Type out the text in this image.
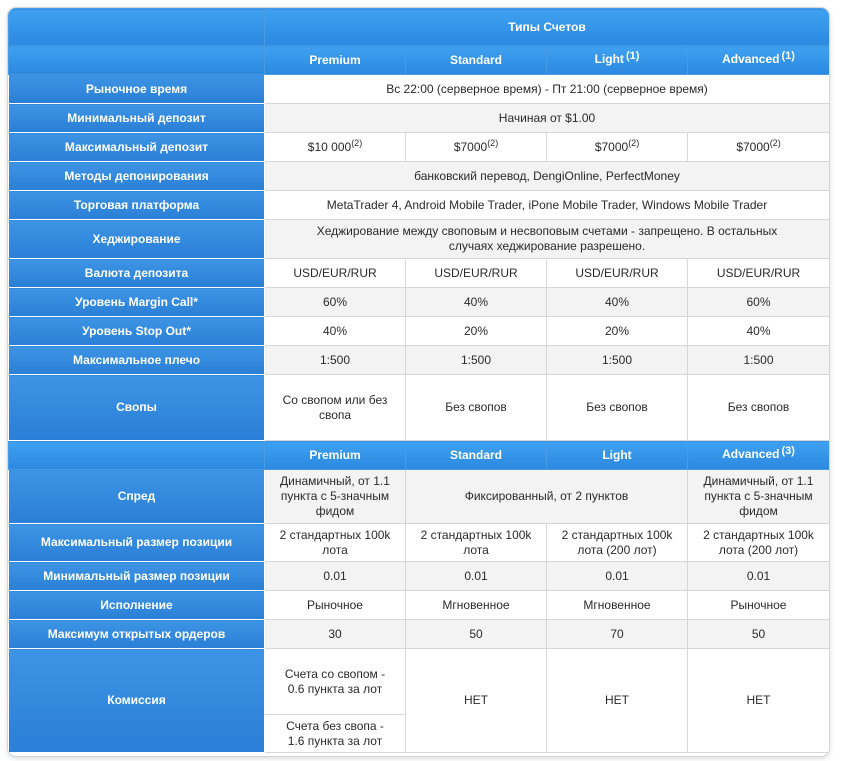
	Типы Счетов			
	Premium	Standard	Light (1)	Advanced (1)
Рыночное время	Вс 22:00 (серверное время) - Пт 21:00 (серверное время)			
Минимальный депозит	Начиная от $1.00			
Максимальный депозит	$10 000$^{(2)}$	$7000$^{(2)}$	$7000$^{(2)}$	$7000$^{(2)}$
Методы депонирования	банковский перевод, DengiOnline, PerfectMoney			
Торговая платформа	MetaTrader 4, Android Mobile Trader, iPone Mobile Trader, Windows Mobile Trader			
Хеджирование	Хеджирование между своповым и несвоповым счетами - запрещено. В остальных случаях хеджирование разрешено.			
Валюта депозита	USD/EUR/RUR	USD/EUR/RUR	USD/EUR/RUR	USD/EUR/RUR
Уровень Margin Call*	60%	40%	40%	60%
Уровень Stop Out*	40%	20%	20%	40%
Максимальное плечо	1:500	1:500	1:500	1:500
Свопы	Со свопом или без свопа	Без свопов	Без свопов	Без свопов
	Premium	Standard	Light	Advanced (3)
Спред	Динамичный, от 1.1 пункта с 5-значным фидом	Фиксированный, от 2 пунктов		Динамичный, от 1.1 пункта с 5-значным фидом
Максимальный размер позиции	2 стандартных 100k лота	2 стандартных 100k лота	2 стандартных 100k лота (200 лот)	2 стандартных 100k лота (200 лот)
Минимальный размер позиции	0.01	0.01	0.01	0.01
Исполнение	Рыночное	Мгновенное	Мгновенное	Рыночное
Максимум открытых ордеров	30	50	70	50
Комиссия	Счета со свопом - 0.6 пункта за лот	НЕТ	НЕТ	НЕТ
	Счета без свопа - 1.6 пункта за лот			
